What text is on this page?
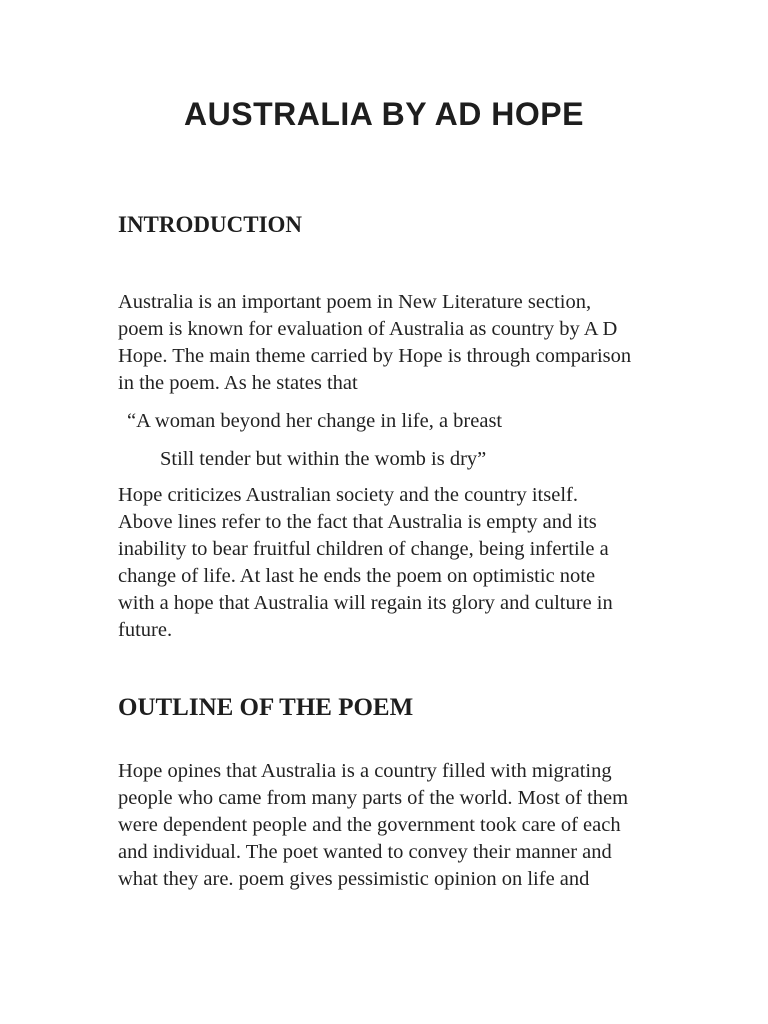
AUSTRALIA BY AD HOPE
INTRODUCTION
Australia is an important poem in New Literature section,
poem is known for evaluation of Australia as country by A D
Hope. The main theme carried by Hope is through comparison
in the poem. As he states that
“A woman beyond her change in life, a breast
Still tender but within the womb is dry”
Hope criticizes Australian society and the country itself.
Above lines refer to the fact that Australia is empty and its
inability to bear fruitful children of change, being infertile a
change of life. At last he ends the poem on optimistic note
with a hope that Australia will regain its glory and culture in
future.
OUTLINE OF THE POEM
Hope opines that Australia is a country filled with migrating
people who came from many parts of the world. Most of them
were dependent people and the government took care of each
and individual. The poet wanted to convey their manner and
what they are. poem gives pessimistic opinion on life and
